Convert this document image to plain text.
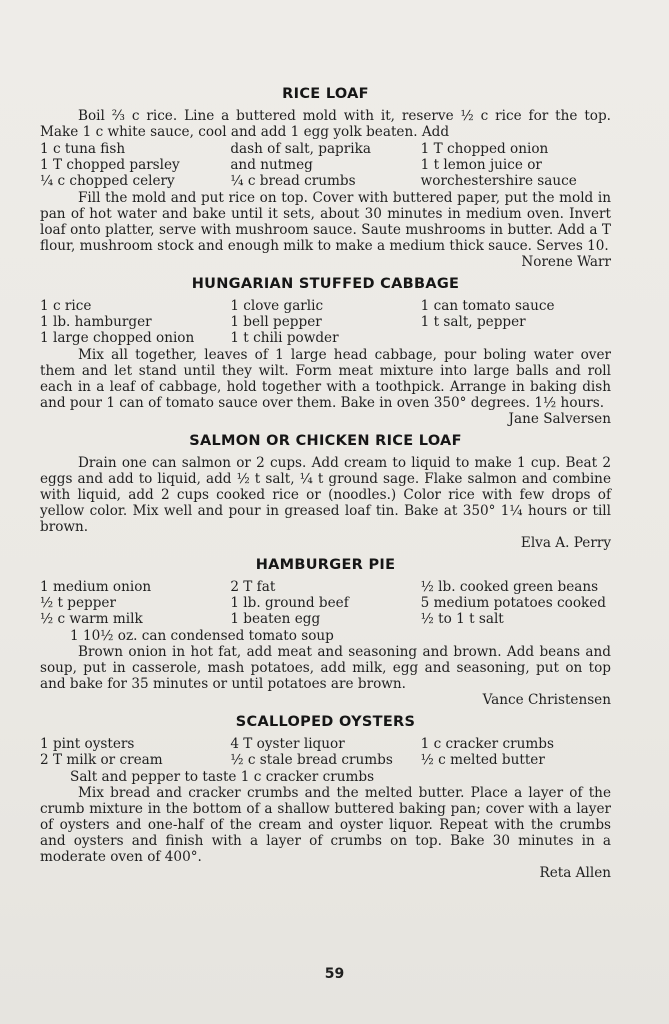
RICE LOAF

Boil ⅔ c rice. Line a buttered mold with it, reserve ½ c rice for the top. Make 1 c white sauce, cool and add 1 egg yolk beaten. Add

1 c tuna fish	dash of salt, paprika	1 T chopped onion
1 T chopped parsley	and nutmeg	1 t lemon juice or
¼ c chopped celery	¼ c bread crumbs	worchestershire sauce

Fill the mold and put rice on top. Cover with buttered paper, put the mold in pan of hot water and bake until it sets, about 30 minutes in medium oven. Invert loaf onto platter, serve with mushroom sauce. Saute mushrooms in butter. Add a T flour, mushroom stock and enough milk to make a medium thick sauce. Serves 10.

Norene Warr

HUNGARIAN STUFFED CABBAGE
1 c rice	1 clove garlic	1 can tomato sauce
1 lb. hamburger	1 bell pepper	1 t salt, pepper
1 large chopped onion	1 t chili powder

Mix all together, leaves of 1 large head cabbage, pour boling water over them and let stand until they wilt. Form meat mixture into large balls and roll each in a leaf of cabbage, hold together with a toothpick. Arrange in baking dish and pour 1 can of tomato sauce over them. Bake in oven 350° degrees. 1½ hours.

Jane Salversen

SALMON OR CHICKEN RICE LOAF

Drain one can salmon or 2 cups. Add cream to liquid to make 1 cup. Beat 2 eggs and add to liquid, add ½ t salt, ¼ t ground sage. Flake salmon and combine with liquid, add 2 cups cooked rice or (noodles.) Color rice with few drops of yellow color. Mix well and pour in greased loaf tin. Bake at 350° 1¼ hours or till brown.

Elva A. Perry

HAMBURGER PIE
1 medium onion	2 T fat	½ lb. cooked green beans
½ t pepper	1 lb. ground beef	5 medium potatoes cooked
½ c warm milk	1 beaten egg	½ to 1 t salt
1 10½ oz. can condensed tomato soup

Brown onion in hot fat, add meat and seasoning and brown. Add beans and soup, put in casserole, mash potatoes, add milk, egg and seasoning, put on top and bake for 35 minutes or until potatoes are brown.

Vance Christensen

SCALLOPED OYSTERS
1 pint oysters	4 T oyster liquor	1 c cracker crumbs
2 T milk or cream	½ c stale bread crumbs	½ c melted butter
Salt and pepper to taste 1 c cracker crumbs

Mix bread and cracker crumbs and the melted butter. Place a layer of the crumb mixture in the bottom of a shallow buttered baking pan; cover with a layer of oysters and one-half of the cream and oyster liquor. Repeat with the crumbs and oysters and finish with a layer of crumbs on top. Bake 30 minutes in a moderate oven of 400°.

Reta Allen

59
